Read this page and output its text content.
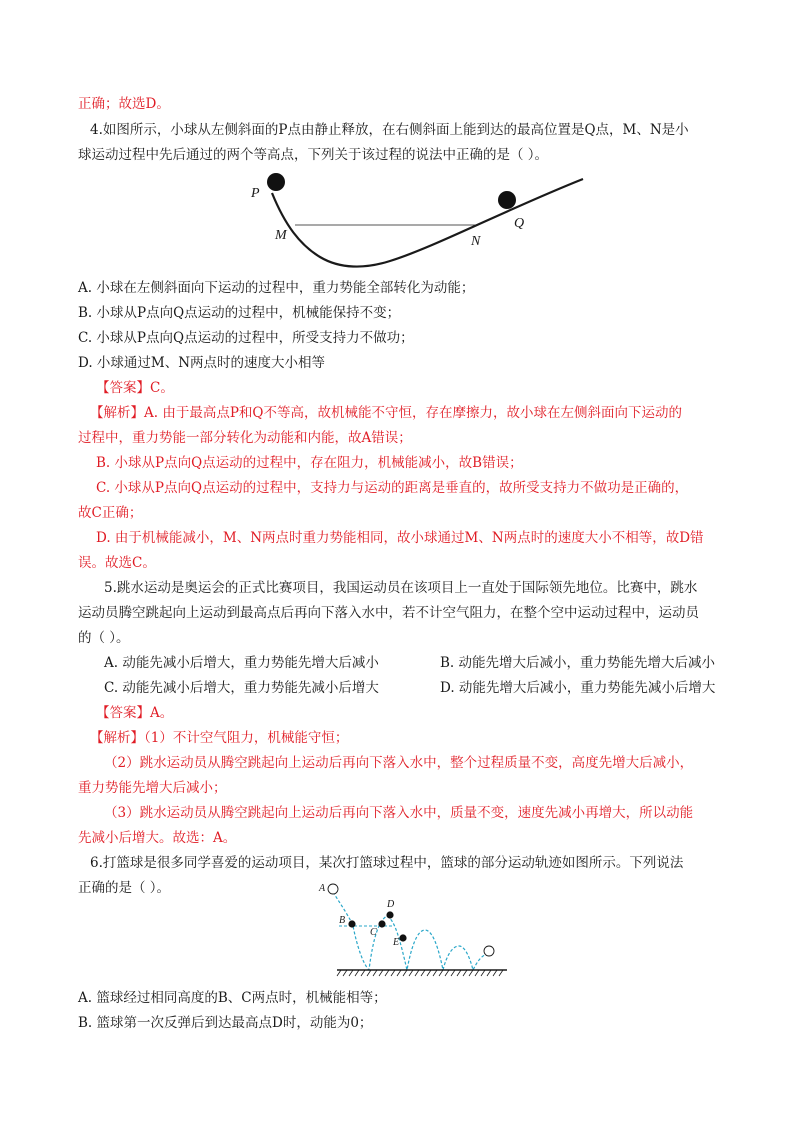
正确；故选D。
4.如图所示，小球从左侧斜面的P点由静止释放，在右侧斜面上能到达的最高位置是Q点，M、N是小
球运动过程中先后通过的两个等高点，下列关于该过程的说法中正确的是（ ）。
P
Q
M	N
A. 小球在左侧斜面向下运动的过程中，重力势能全部转化为动能；
B. 小球从P点向Q点运动的过程中，机械能保持不变；
C. 小球从P点向Q点运动的过程中，所受支持力不做功；
D. 小球通过M、N两点时的速度大小相等
【答案】C。
【解析】A. 由于最高点P和Q不等高，故机械能不守恒，存在摩擦力，故小球在左侧斜面向下运动的
过程中，重力势能一部分转化为动能和内能，故A错误；
B. 小球从P点向Q点运动的过程中，存在阻力，机械能减小，故B错误；
C. 小球从P点向Q点运动的过程中，支持力与运动的距离是垂直的，故所受支持力不做功是正确的，
故C正确；
D. 由于机械能减小，M、N两点时重力势能相同，故小球通过M、N两点时的速度大小不相等，故D错
误。故选C。
5.跳水运动是奥运会的正式比赛项目，我国运动员在该项目上一直处于国际领先地位。比赛中，跳水
运动员腾空跳起向上运动到最高点后再向下落入水中，若不计空气阻力，在整个空中运动过程中，运动员
的（ ）。
A. 动能先减小后增大，重力势能先增大后减小	B. 动能先增大后减小，重力势能先增大后减小
C. 动能先减小后增大，重力势能先减小后增大	D. 动能先增大后减小，重力势能先减小后增大
【答案】A。
【解析】（1）不计空气阻力，机械能守恒；
（2）跳水运动员从腾空跳起向上运动后再向下落入水中，整个过程质量不变，高度先增大后减小，
重力势能先增大后减小；
（3）跳水运动员从腾空跳起向上运动后再向下落入水中，质量不变，速度先减小再增大，所以动能
先减小后增大。故选：A。
6.打篮球是很多同学喜爱的运动项目，某次打篮球过程中，篮球的部分运动轨迹如图所示。下列说法
正确的是（ ）。	A
B
C
D
E
A. 篮球经过相同高度的B、C两点时，机械能相等；
B. 篮球第一次反弹后到达最高点D时，动能为0；
